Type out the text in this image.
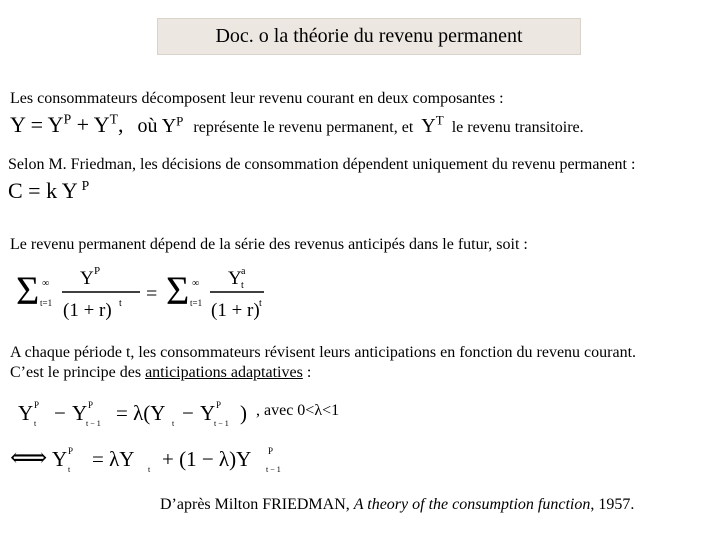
Doc. o la théorie du revenu permanent
Les consommateurs décomposent leur revenu courant en deux composantes :
$Y = Y^P + Y^T$, où $Y^P$ représente le revenu permanent, et $Y^T$ le revenu transitoire.
Selon M. Friedman, les décisions de consommation dépendent uniquement du revenu permanent :
C = k Y $^P$
Le revenu permanent dépend de la série des revenus anticipés dans le futur, soit :
Σ ∞
t=1
Y P
(1 + r) t = Σ ∞
t=1
Y a
t
(1 + r) t
A chaque période t, les consommateurs révisent leurs anticipations en fonction du revenu courant.
C’est le principe des anticipations adaptatives :
Y P
t − Y P
t − 1 = λ(Y t − Y P
t − 1 ) , avec 0<λ<1
⟺ Y P
t = λY t + (1 − λ)Y P
t − 1
D’après Milton FRIEDMAN, A theory of the consumption function, 1957.
